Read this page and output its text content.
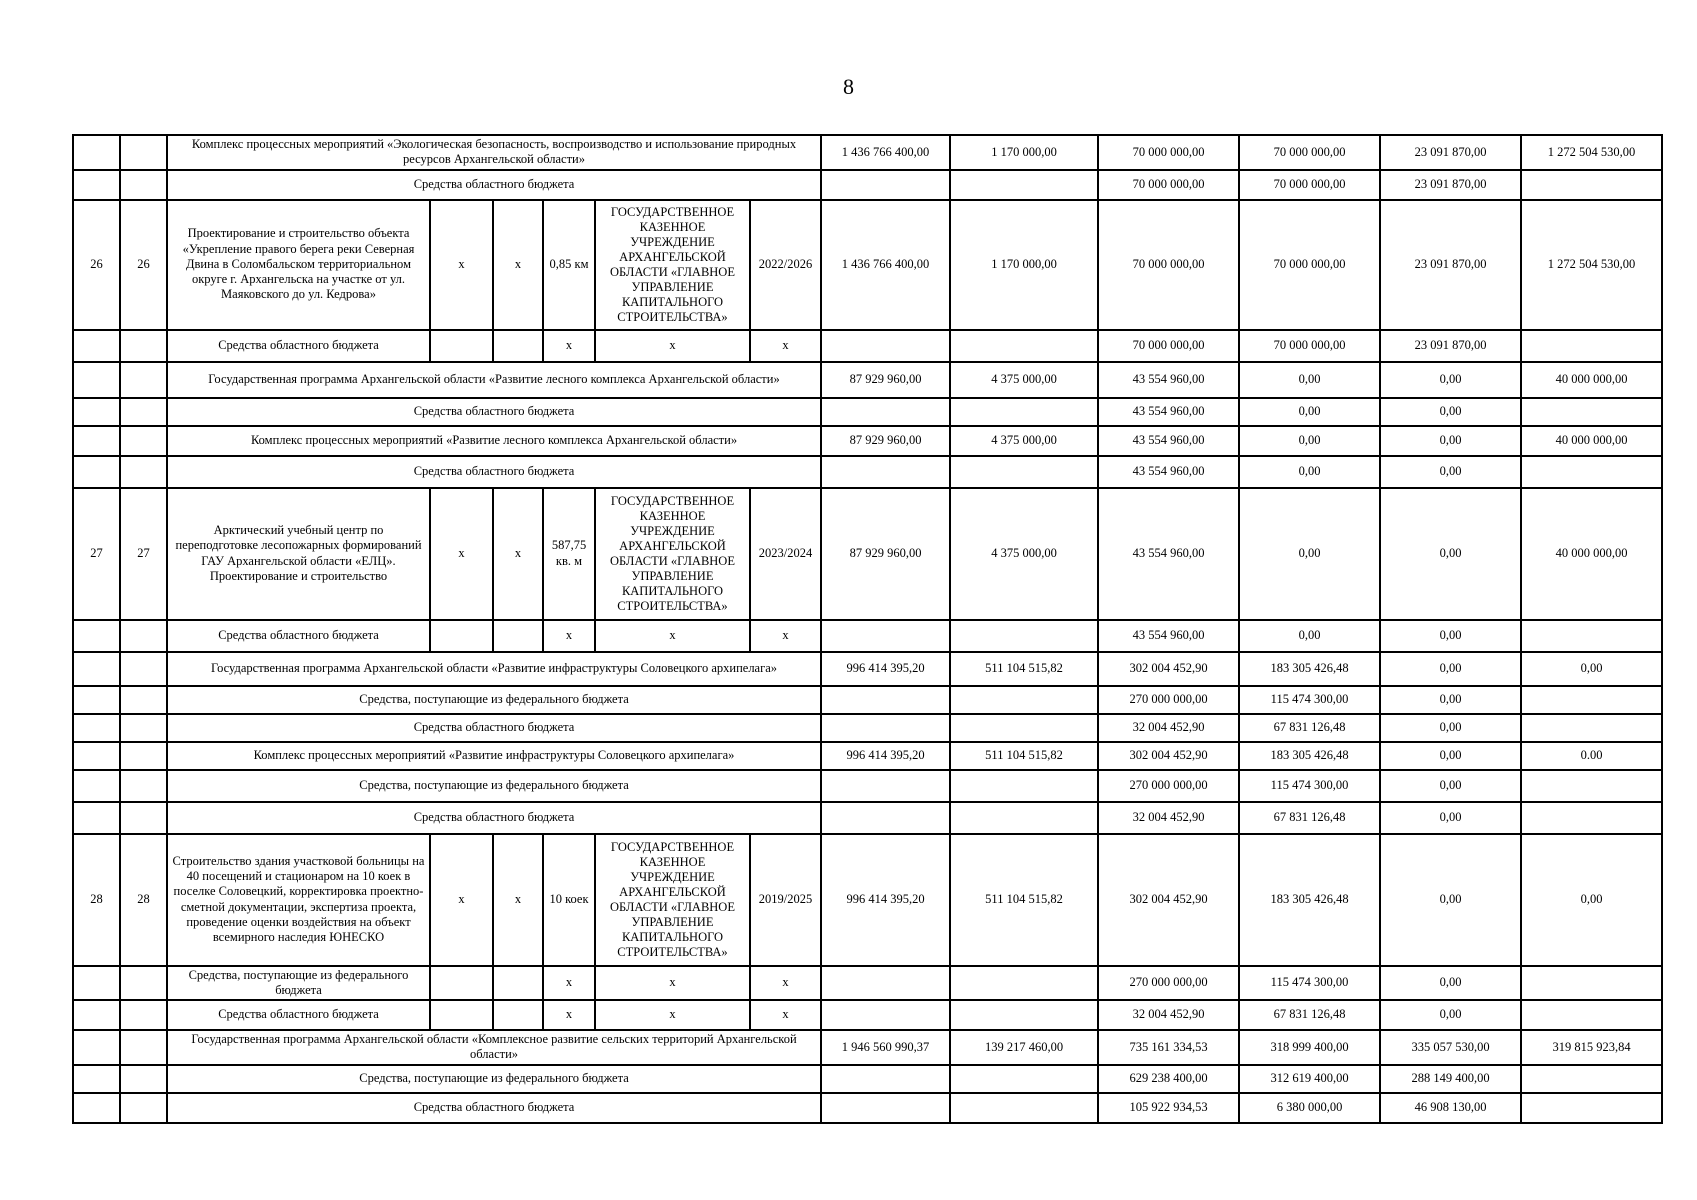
8
		Комплекс процессных мероприятий «Экологическая безопасность, воспроизводство и использование природных ресурсов Архангельской области»						1 436 766 400,00	1 170 000,00	70 000 000,00	70 000 000,00	23 091 870,00	1 272 504 530,00
		Средства областного бюджета								70 000 000,00	70 000 000,00	23 091 870,00	
26	26	Проектирование и строительство объекта «Укрепление правого берега реки Северная Двина в Соломбальском территориальном округе г. Архангельска на участке от ул. Маяковского до ул. Кедрова»	x	x	0,85 км	ГОСУДАРСТВЕННОЕ КАЗЕННОЕ УЧРЕЖДЕНИЕ АРХАНГЕЛЬСКОЙ ОБЛАСТИ «ГЛАВНОЕ УПРАВЛЕНИЕ КАПИТАЛЬНОГО СТРОИТЕЛЬСТВА»	2022/2026	1 436 766 400,00	1 170 000,00	70 000 000,00	70 000 000,00	23 091 870,00	1 272 504 530,00
		Средства областного бюджета			x	x	x			70 000 000,00	70 000 000,00	23 091 870,00	
		Государственная программа Архангельской области «Развитие лесного комплекса Архангельской области»						87 929 960,00	4 375 000,00	43 554 960,00	0,00	0,00	40 000 000,00
		Средства областного бюджета								43 554 960,00	0,00	0,00	
		Комплекс процессных мероприятий «Развитие лесного комплекса Архангельской области»						87 929 960,00	4 375 000,00	43 554 960,00	0,00	0,00	40 000 000,00
		Средства областного бюджета								43 554 960,00	0,00	0,00	
27	27	Арктический учебный центр по переподготовке лесопожарных формирований ГАУ Архангельской области «ЕЛЦ». Проектирование и строительство	x	x	587,75 кв. м	ГОСУДАРСТВЕННОЕ КАЗЕННОЕ УЧРЕЖДЕНИЕ АРХАНГЕЛЬСКОЙ ОБЛАСТИ «ГЛАВНОЕ УПРАВЛЕНИЕ КАПИТАЛЬНОГО СТРОИТЕЛЬСТВА»	2023/2024	87 929 960,00	4 375 000,00	43 554 960,00	0,00	0,00	40 000 000,00
		Средства областного бюджета			x	x	x			43 554 960,00	0,00	0,00	
		Государственная программа Архангельской области «Развитие инфраструктуры Соловецкого архипелага»						996 414 395,20	511 104 515,82	302 004 452,90	183 305 426,48	0,00	0,00
		Средства, поступающие из федерального бюджета								270 000 000,00	115 474 300,00	0,00	
		Средства областного бюджета								32 004 452,90	67 831 126,48	0,00	
		Комплекс процессных мероприятий «Развитие инфраструктуры Соловецкого архипелага»						996 414 395,20	511 104 515,82	302 004 452,90	183 305 426,48	0,00	0.00
		Средства, поступающие из федерального бюджета								270 000 000,00	115 474 300,00	0,00	
		Средства областного бюджета								32 004 452,90	67 831 126,48	0,00	
28	28	Строительство здания участковой больницы на 40 посещений и стационаром на 10 коек в поселке Соловецкий, корректировка проектно-сметной документации, экспертиза проекта, проведение оценки воздействия на объект всемирного наследия ЮНЕСКО	x	x	10 коек	ГОСУДАРСТВЕННОЕ КАЗЕННОЕ УЧРЕЖДЕНИЕ АРХАНГЕЛЬСКОЙ ОБЛАСТИ «ГЛАВНОЕ УПРАВЛЕНИЕ КАПИТАЛЬНОГО СТРОИТЕЛЬСТВА»	2019/2025	996 414 395,20	511 104 515,82	302 004 452,90	183 305 426,48	0,00	0,00
		Средства, поступающие из федерального бюджета			x	x	x			270 000 000,00	115 474 300,00	0,00	
		Средства областного бюджета			x	x	x			32 004 452,90	67 831 126,48	0,00	
		Государственная программа Архангельской области «Комплексное развитие сельских территорий Архангельской области»						1 946 560 990,37	139 217 460,00	735 161 334,53	318 999 400,00	335 057 530,00	319 815 923,84
		Средства, поступающие из федерального бюджета								629 238 400,00	312 619 400,00	288 149 400,00	
		Средства областного бюджета								105 922 934,53	6 380 000,00	46 908 130,00	
